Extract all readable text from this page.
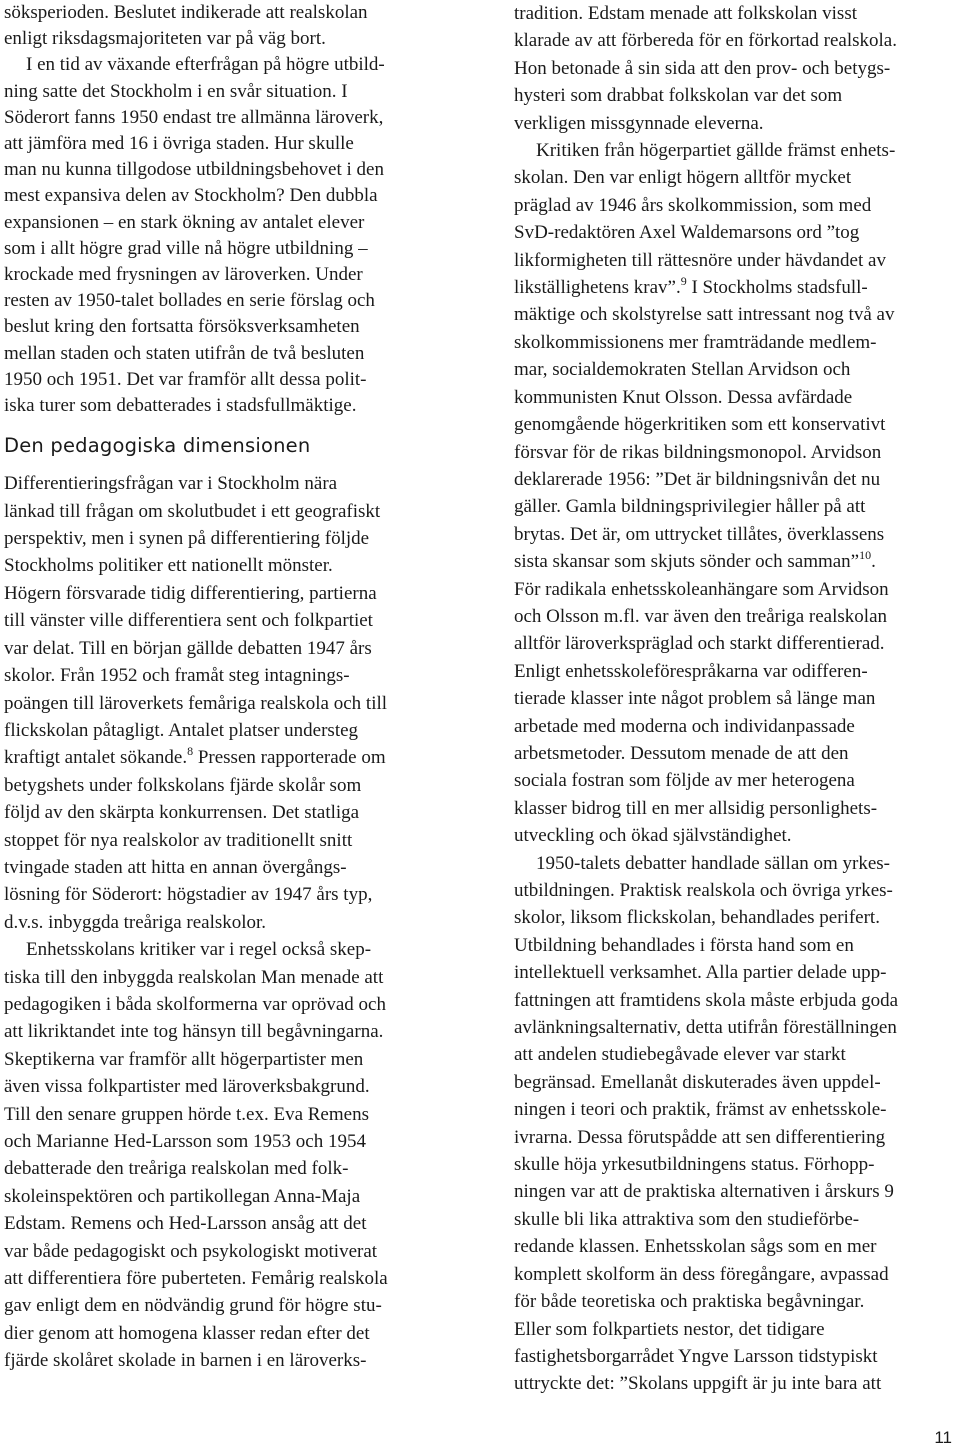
söksperioden. Beslutet indikerade att realskolan
enligt riksdagsmajoriteten var på väg bort.

I en tid av växande efterfrågan på högre utbild-
ning satte det Stockholm i en svår situation. I
Söderort fanns 1950 endast tre allmänna läroverk,
att jämföra med 16 i övriga staden. Hur skulle
man nu kunna tillgodose utbildningsbehovet i den
mest expansiva delen av Stockholm? Den dubbla
expansionen – en stark ökning av antalet elever
som i allt högre grad ville nå högre utbildning –
krockade med frysningen av läroverken. Under
resten av 1950-talet bollades en serie förslag och
beslut kring den fortsatta försöksverksamheten
mellan staden och staten utifrån de två besluten
1950 och 1951. Det var framför allt dessa polit-
iska turer som debatterades i stadsfullmäktige.

Den pedagogiska dimensionen

Differentieringsfrågan var i Stockholm nära
länkad till frågan om skolutbudet i ett geografiskt
perspektiv, men i synen på differentiering följde
Stockholms politiker ett nationellt mönster.
Högern försvarade tidig differentiering, partierna
till vänster ville differentiera sent och folkpartiet
var delat. Till en början gällde debatten 1947 års
skolor. Från 1952 och framåt steg intagnings-
poängen till läroverkets femåriga realskola och till
flickskolan påtagligt. Antalet platser understeg
kraftigt antalet sökande.$^8$ Pressen rapporterade om
betygshets under folkskolans fjärde skolår som
följd av den skärpta konkurrensen. Det statliga
stoppet för nya realskolor av traditionellt snitt
tvingade staden att hitta en annan övergångs-
lösning för Söderort: högstadier av 1947 års typ,
d.v.s. inbyggda treåriga realskolor.

Enhetsskolans kritiker var i regel också skep-
tiska till den inbyggda realskolan Man menade att
pedagogiken i båda skolformerna var oprövad och
att likriktandet inte tog hänsyn till begåvningarna.
Skeptikerna var framför allt högerpartister men
även vissa folkpartister med läroverksbakgrund.
Till den senare gruppen hörde t.ex. Eva Remens
och Marianne Hed-Larsson som 1953 och 1954
debatterade den treåriga realskolan med folk-
skoleinspektören och partikollegan Anna-Maja
Edstam. Remens och Hed-Larsson ansåg att det
var både pedagogiskt och psykologiskt motiverat
att differentiera före puberteten. Femårig realskola
gav enligt dem en nödvändig grund för högre stu-
dier genom att homogena klasser redan efter det
fjärde skolåret skolade in barnen i en läroverks-

tradition. Edstam menade att folkskolan visst
klarade av att förbereda för en förkortad realskola.
Hon betonade å sin sida att den prov- och betygs-
hysteri som drabbat folkskolan var det som
verkligen missgynnade eleverna.

Kritiken från högerpartiet gällde främst enhets-
skolan. Den var enligt högern alltför mycket
präglad av 1946 års skolkommission, som med
SvD-redaktören Axel Waldemarsons ord ”tog
likformigheten till rättesnöre under hävdandet av
likställighetens krav”.$^9$ I Stockholms stadsfull-
mäktige och skolstyrelse satt intressant nog två av
skolkommissionens mer framträdande medlem-
mar, socialdemokraten Stellan Arvidson och
kommunisten Knut Olsson. Dessa avfärdade
genomgående högerkritiken som ett konservativt
försvar för de rikas bildningsmonopol. Arvidson
deklarerade 1956: ”Det är bildningsnivån det nu
gäller. Gamla bildningsprivilegier håller på att
brytas. Det är, om uttrycket tillåtes, överklassens
sista skansar som skjuts sönder och samman”$^{10}$.
För radikala enhetsskoleanhängare som Arvidson
och Olsson m.fl. var även den treåriga realskolan
alltför läroverkspräglad och starkt differentierad.
Enligt enhetsskoleförespråkarna var odifferen-
tierade klasser inte något problem så länge man
arbetade med moderna och individanpassade
arbetsmetoder. Dessutom menade de att den
sociala fostran som följde av mer heterogena
klasser bidrog till en mer allsidig personlighets-
utveckling och ökad självständighet.

1950-talets debatter handlade sällan om yrkes-
utbildningen. Praktisk realskola och övriga yrkes-
skolor, liksom flickskolan, behandlades perifert.
Utbildning behandlades i första hand som en
intellektuell verksamhet. Alla partier delade upp-
fattningen att framtidens skola måste erbjuda goda
avlänkningsalternativ, detta utifrån föreställningen
att andelen studiebegåvade elever var starkt
begränsad. Emellanåt diskuterades även uppdel-
ningen i teori och praktik, främst av enhetsskole-
ivrarna. Dessa förutspådde att sen differentiering
skulle höja yrkesutbildningens status. Förhopp-
ningen var att de praktiska alternativen i årskurs 9
skulle bli lika attraktiva som den studieförbe-
redande klassen. Enhetsskolan sågs som en mer
komplett skolform än dess föregångare, avpassad
för både teoretiska och praktiska begåvningar.
Eller som folkpartiets nestor, det tidigare
fastighetsborgarrådet Yngve Larsson tidstypiskt
uttryckte det: ”Skolans uppgift är ju inte bara att

11
